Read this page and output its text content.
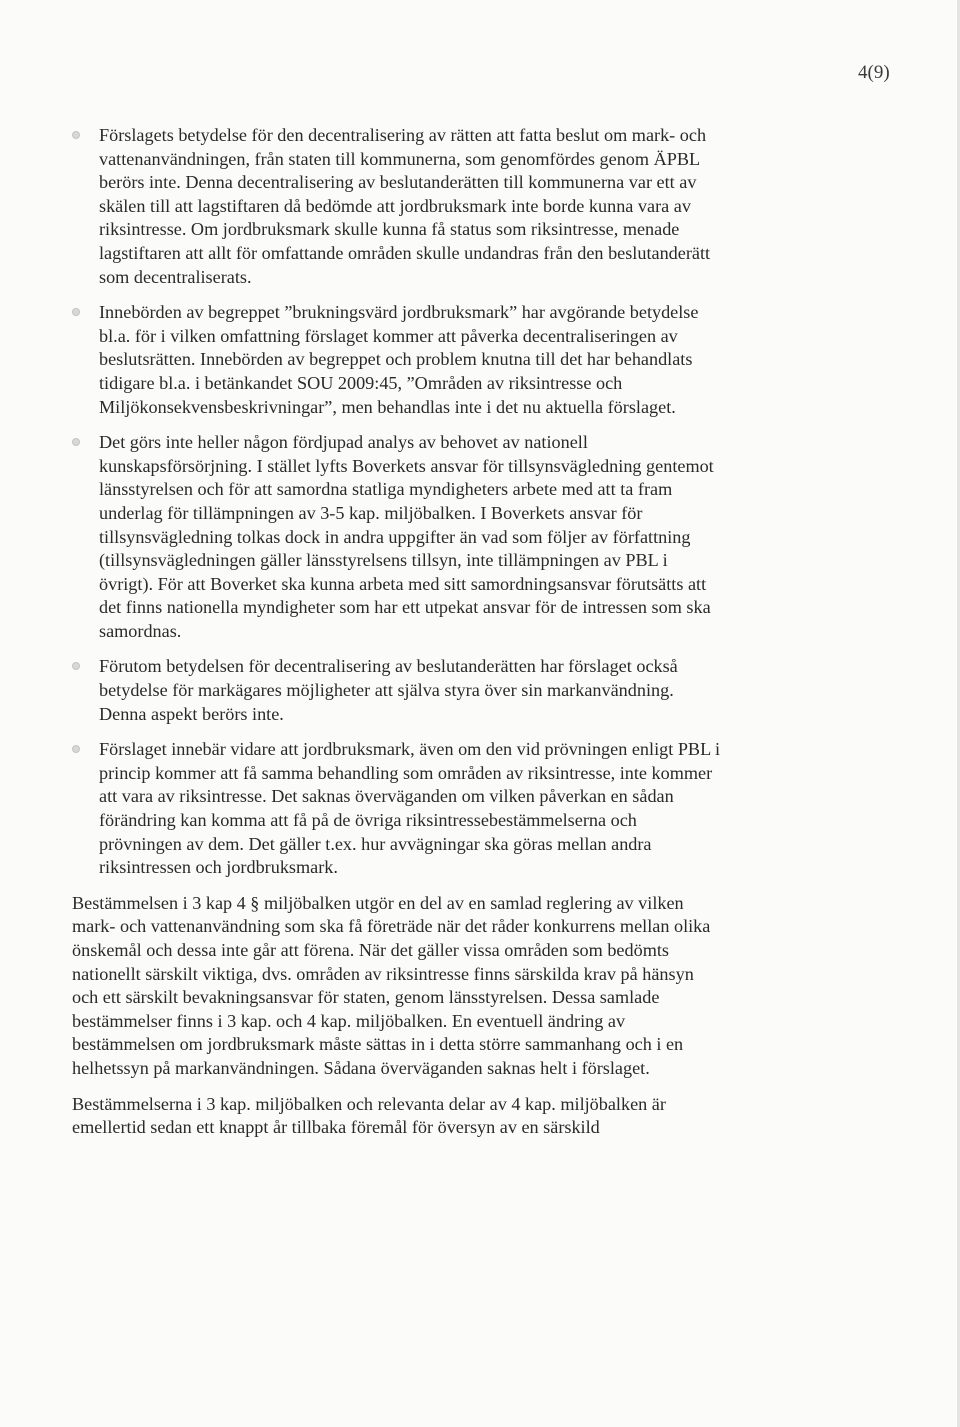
4(9)
Förslagets betydelse för den decentralisering av rätten att fatta beslut om mark- och vattenanvändningen, från staten till kommunerna, som genomfördes genom ÄPBL berörs inte. Denna decentralisering av beslutanderätten till kommunerna var ett av skälen till att lagstiftaren då bedömde att jordbruksmark inte borde kunna vara av riksintresse. Om jordbruksmark skulle kunna få status som riksintresse, menade lagstiftaren att allt för omfattande områden skulle undandras från den beslutanderätt som decentraliserats.
Innebörden av begreppet ”brukningsvärd jordbruksmark” har avgörande betydelse bl.a. för i vilken omfattning förslaget kommer att påverka decentraliseringen av beslutsrätten. Innebörden av begreppet och problem knutna till det har behandlats tidigare bl.a. i betänkandet SOU 2009:45, ”Områden av riksintresse och Miljökonsekvensbeskrivningar”, men behandlas inte i det nu aktuella förslaget.
Det görs inte heller någon fördjupad analys av behovet av nationell kunskapsförsörjning. I stället lyfts Boverkets ansvar för tillsynsvägledning gentemot länsstyrelsen och för att samordna statliga myndigheters arbete med att ta fram underlag för tillämpningen av 3-5 kap. miljöbalken. I Boverkets ansvar för tillsynsvägledning tolkas dock in andra uppgifter än vad som följer av författning (tillsynsvägledningen gäller länsstyrelsens tillsyn, inte tillämpningen av PBL i övrigt). För att Boverket ska kunna arbeta med sitt samordningsansvar förutsätts att det finns nationella myndigheter som har ett utpekat ansvar för de intressen som ska samordnas.
Förutom betydelsen för decentralisering av beslutanderätten har förslaget också betydelse för markägares möjligheter att själva styra över sin markanvändning. Denna aspekt berörs inte.
Förslaget innebär vidare att jordbruksmark, även om den vid prövningen enligt PBL i princip kommer att få samma behandling som områden av riksintresse, inte kommer att vara av riksintresse. Det saknas överväganden om vilken påverkan en sådan förändring kan komma att få på de övriga riksintressebestämmelserna och prövningen av dem. Det gäller t.ex. hur avvägningar ska göras mellan andra riksintressen och jordbruksmark.

Bestämmelsen i 3 kap 4 § miljöbalken utgör en del av en samlad reglering av vilken mark- och vattenanvändning som ska få företräde när det råder konkurrens mellan olika önskemål och dessa inte går att förena. När det gäller vissa områden som bedömts nationellt särskilt viktiga, dvs. områden av riksintresse finns särskilda krav på hänsyn och ett särskilt bevakningsansvar för staten, genom länsstyrelsen. Dessa samlade bestämmelser finns i 3 kap. och 4 kap. miljöbalken. En eventuell ändring av bestämmelsen om jordbruksmark måste sättas in i detta större sammanhang och i en helhetssyn på markanvändningen. Sådana överväganden saknas helt i förslaget.

Bestämmelserna i 3 kap. miljöbalken och relevanta delar av 4 kap. miljöbalken är emellertid sedan ett knappt år tillbaka föremål för översyn av en särskild
